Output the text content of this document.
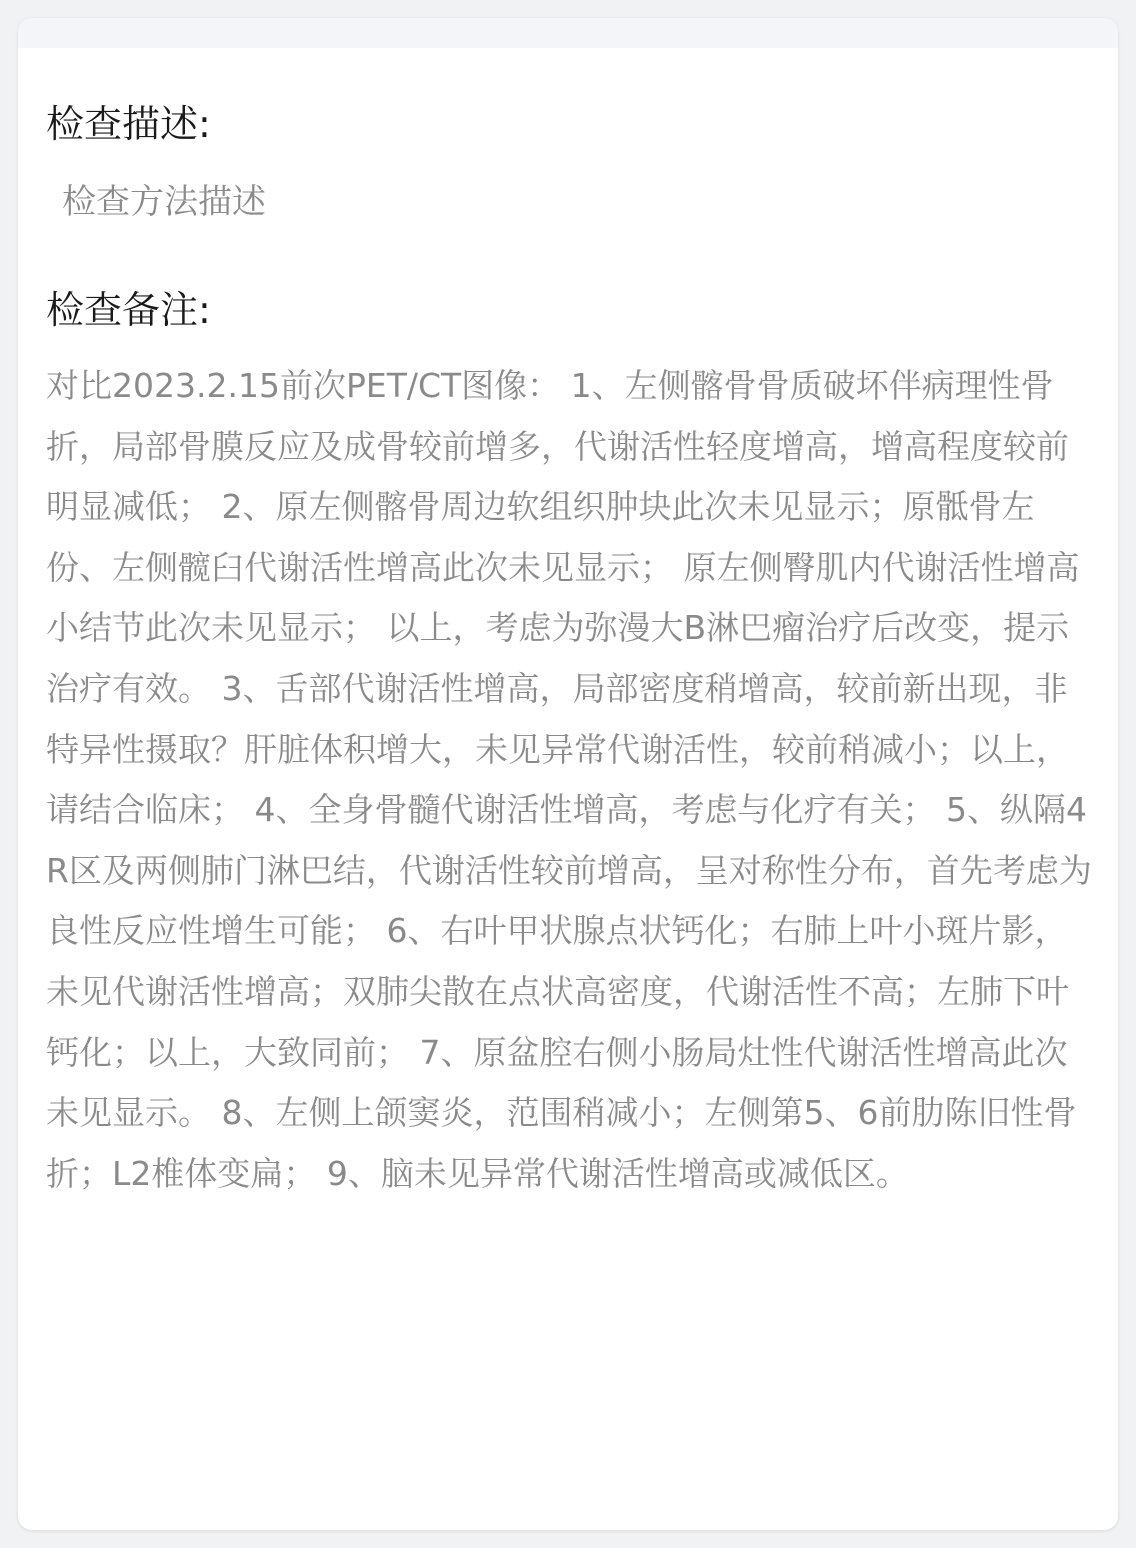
检查描述:
检查方法描述
检查备注:
对比2023.2.15前次PET/CT图像： 1、左侧髂骨骨质破坏伴病理性骨折，局部骨膜反应及成骨较前增多，代谢活性轻度增高，增高程度较前明显减低； 2、原左侧髂骨周边软组织肿块此次未见显示；原骶骨左份、左侧髋臼代谢活性增高此次未见显示； 原左侧臀肌内代谢活性增高小结节此次未见显示； 以上，考虑为弥漫大B淋巴瘤治疗后改变，提示治疗有效。 3、舌部代谢活性增高，局部密度稍增高，较前新出现，非特异性摄取？肝脏体积增大，未见异常代谢活性，较前稍减小；以上，请结合临床； 4、全身骨髓代谢活性增高，考虑与化疗有关； 5、纵隔4R区及两侧肺门淋巴结，代谢活性较前增高，呈对称性分布，首先考虑为良性反应性增生可能； 6、右叶甲状腺点状钙化；右肺上叶小斑片影，未见代谢活性增高；双肺尖散在点状高密度，代谢活性不高；左肺下叶钙化；以上，大致同前； 7、原盆腔右侧小肠局灶性代谢活性增高此次未见显示。 8、左侧上颌窦炎，范围稍减小；左侧第5、6前肋陈旧性骨折；L2椎体变扁； 9、脑未见异常代谢活性增高或减低区。
